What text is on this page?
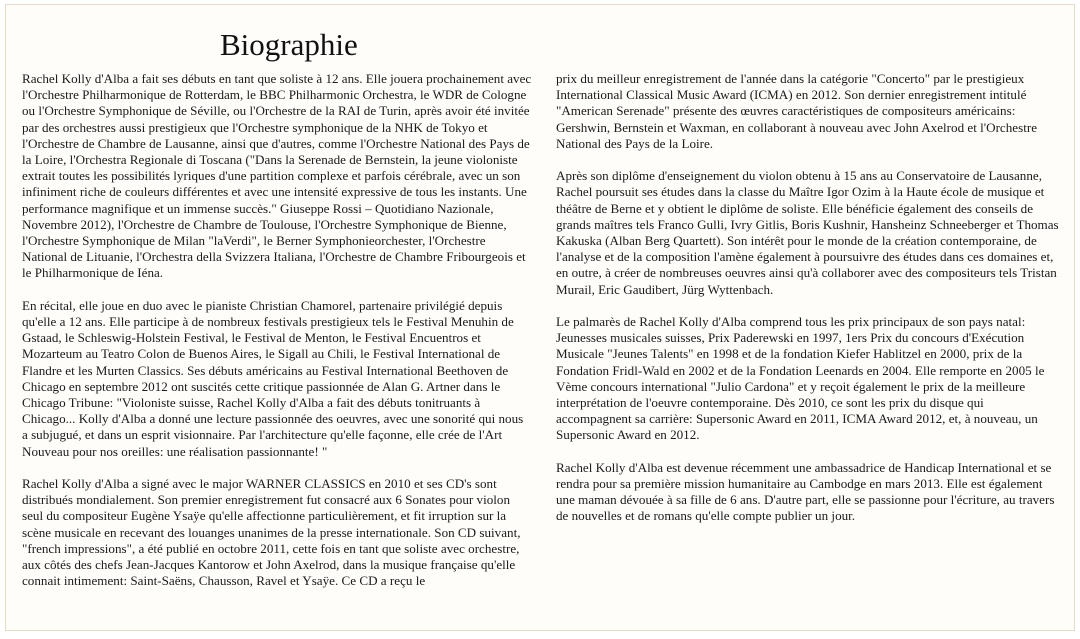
Biographie

Rachel Kolly d'Alba a fait ses débuts en tant que soliste à 12 ans. Elle jouera prochainement avec l'Orchestre Philharmonique de Rotterdam, le BBC Philharmonic Orchestra, le WDR de Cologne ou l'Orchestre Symphonique de Séville, ou l'Orchestre de la RAI de Turin, après avoir été invitée par des orchestres aussi prestigieux que l'Orchestre symphonique de la NHK de Tokyo et l'Orchestre de Chambre de Lausanne, ainsi que d'autres, comme l'Orchestre National des Pays de la Loire, l'Orchestra Regionale di Toscana ("Dans la Serenade de Bernstein, la jeune violoniste extrait toutes les possibilités lyriques d'une partition complexe et parfois cérébrale, avec un son infiniment riche de couleurs différentes et avec une intensité expressive de tous les instants. Une performance magnifique et un immense succès." Giuseppe Rossi – Quotidiano Nazionale, Novembre 2012), l'Orchestre de Chambre de Toulouse, l'Orchestre Symphonique de Bienne, l'Orchestre Symphonique de Milan "laVerdi", le Berner Symphonieorchester, l'Orchestre National de Lituanie, l'Orchestra della Svizzera Italiana, l'Orchestre de Chambre Fribourgeois et le Philharmonique de Iéna.

En récital, elle joue en duo avec le pianiste Christian Chamorel, partenaire privilégié depuis qu'elle a 12 ans. Elle participe à de nombreux festivals prestigieux tels le Festival Menuhin de Gstaad, le Schleswig-Holstein Festival, le Festival de Menton, le Festival Encuentros et Mozarteum au Teatro Colon de Buenos Aires, le Sigall au Chili, le Festival International de Flandre et les Murten Classics. Ses débuts américains au Festival International Beethoven de Chicago en septembre 2012 ont suscités cette critique passionnée de Alan G. Artner dans le Chicago Tribune: "Violoniste suisse, Rachel Kolly d'Alba a fait des débuts tonitruants à Chicago... Kolly d'Alba a donné une lecture passionnée des oeuvres, avec une sonorité qui nous a subjugué, et dans un esprit visionnaire. Par l'architecture qu'elle façonne, elle crée de l'Art Nouveau pour nos oreilles: une réalisation passionnante! "

Rachel Kolly d'Alba a signé avec le major WARNER CLASSICS en 2010 et ses CD's sont distribués mondialement. Son premier enregistrement fut consacré aux 6 Sonates pour violon seul du compositeur Eugène Ysaÿe qu'elle affectionne particulièrement, et fit irruption sur la scène musicale en recevant des louanges unanimes de la presse internationale. Son CD suivant, "french impressions", a été publié en octobre 2011, cette fois en tant que soliste avec orchestre, aux côtés des chefs Jean-Jacques Kantorow et John Axelrod, dans la musique française qu'elle connait intimement: Saint-Saëns, Chausson, Ravel et Ysaÿe. Ce CD a reçu le

prix du meilleur enregistrement de l'année dans la catégorie "Concerto" par le prestigieux International Classical Music Award (ICMA) en 2012. Son dernier enregistrement intitulé "American Serenade" présente des œuvres caractéristiques de compositeurs américains: Gershwin, Bernstein et Waxman, en collaborant à nouveau avec John Axelrod et l'Orchestre National des Pays de la Loire.

Après son diplôme d'enseignement du violon obtenu à 15 ans au Conservatoire de Lausanne, Rachel poursuit ses études dans la classe du Maître Igor Ozim à la Haute école de musique et théâtre de Berne et y obtient le diplôme de soliste. Elle bénéficie également des conseils de grands maîtres tels Franco Gulli, Ivry Gitlis, Boris Kushnir, Hansheinz Schneeberger et Thomas Kakuska (Alban Berg Quartett). Son intérêt pour le monde de la création contemporaine, de l'analyse et de la composition l'amène également à poursuivre des études dans ces domaines et, en outre, à créer de nombreuses oeuvres ainsi qu'à collaborer avec des compositeurs tels Tristan Murail, Eric Gaudibert, Jürg Wyttenbach.

Le palmarès de Rachel Kolly d'Alba comprend tous les prix principaux de son pays natal: Jeunesses musicales suisses, Prix Paderewski en 1997, 1ers Prix du concours d'Exécution Musicale "Jeunes Talents" en 1998 et de la fondation Kiefer Hablitzel en 2000, prix de la Fondation Fridl-Wald en 2002 et de la Fondation Leenards en 2004. Elle remporte en 2005 le Vème concours international "Julio Cardona" et y reçoit également le prix de la meilleure interprétation de l'oeuvre contemporaine. Dès 2010, ce sont les prix du disque qui accompagnent sa carrière: Supersonic Award en 2011, ICMA Award 2012, et, à nouveau, un Supersonic Award en 2012.

Rachel Kolly d'Alba est devenue récemment une ambassadrice de Handicap International et se rendra pour sa première mission humanitaire au Cambodge en mars 2013. Elle est également une maman dévouée à sa fille de 6 ans. D'autre part, elle se passionne pour l'écriture, au travers de nouvelles et de romans qu'elle compte publier un jour.
